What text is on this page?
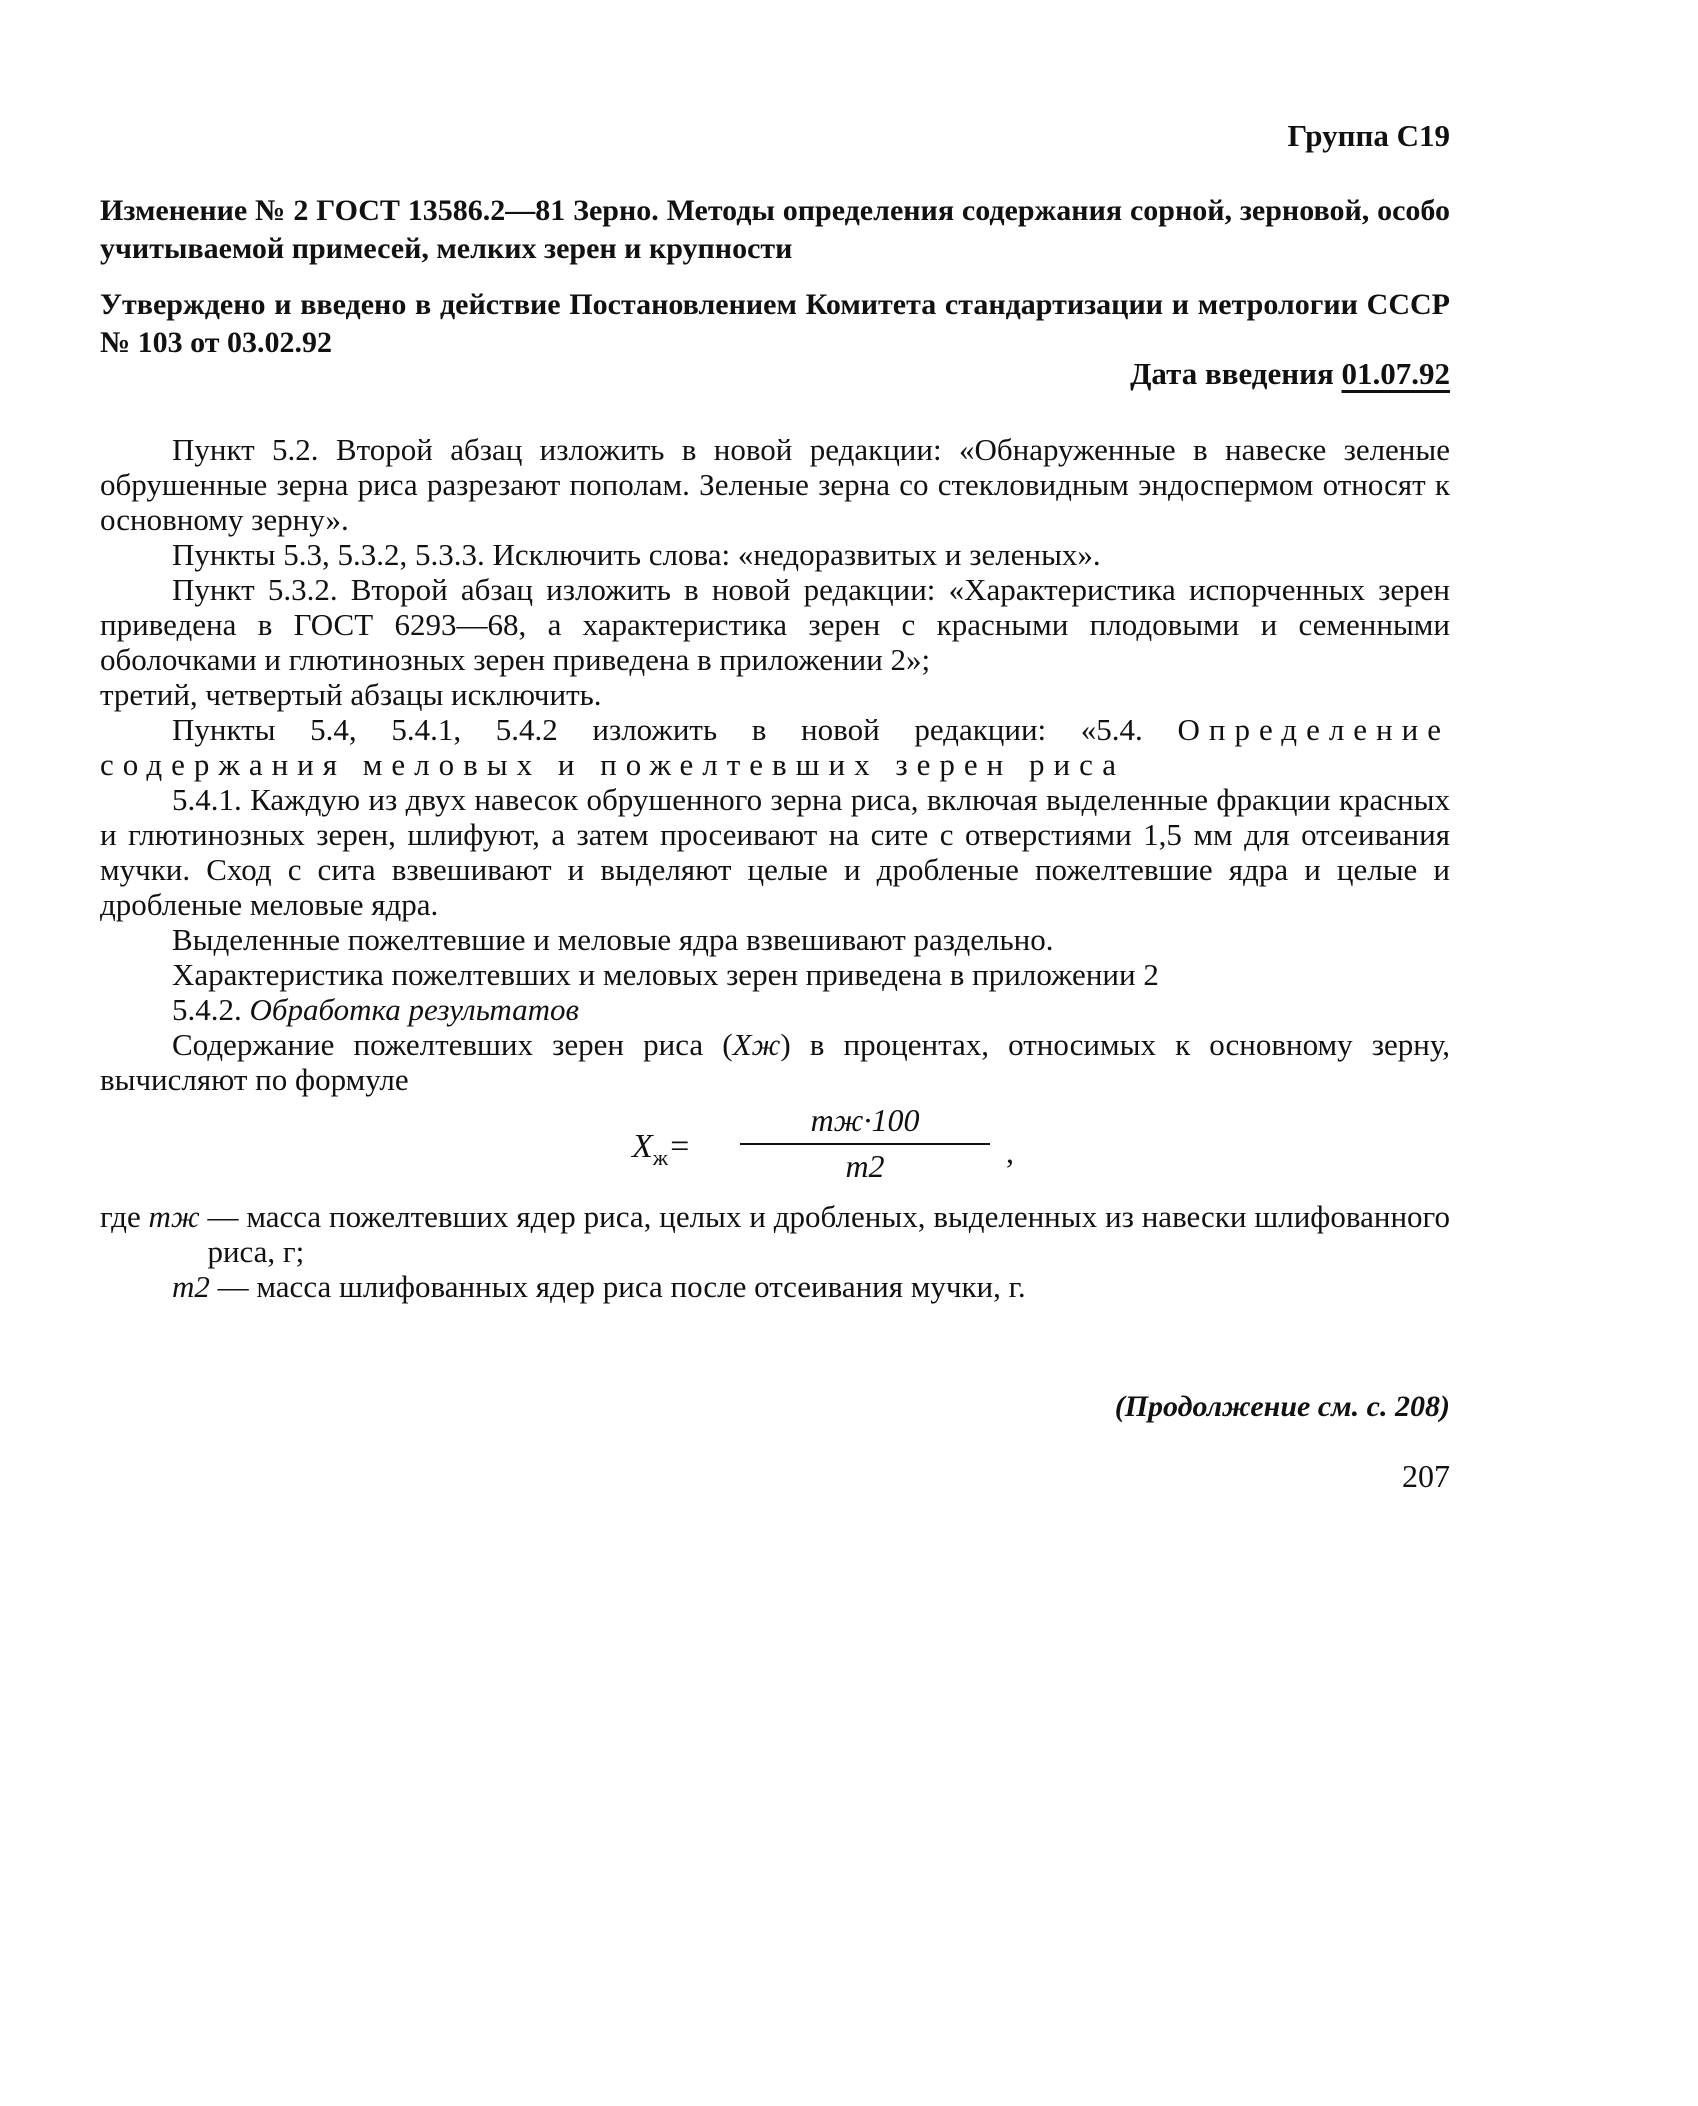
Группа С19
Изменение № 2 ГОСТ 13586.2—81 Зерно. Методы определения содержания сорной, зерновой, особо учитываемой примесей, мелких зерен и крупности
Утверждено и введено в действие Постановлением Комитета стандартизации и метрологии СССР № 103 от 03.02.92
Дата введения 01.07.92

Пункт 5.2. Второй абзац изложить в новой редакции: «Обнаруженные в навеске зеленые обрушенные зерна риса разрезают пополам. Зеленые зерна со стекловидным эндоспермом относят к основному зерну».

Пункты 5.3, 5.3.2, 5.3.3. Исключить слова: «недоразвитых и зеленых».

Пункт 5.3.2. Второй абзац изложить в новой редакции: «Характеристика испорченных зерен приведена в ГОСТ 6293—68, а характеристика зерен с красными плодовыми и семенными оболочками и глютинозных зерен приведена в приложении 2»;

третий, четвертый абзацы исключить.

Пункты 5.4, 5.4.1, 5.4.2 изложить в новой редакции: «5.4. Определение содержания меловых и пожелтевших зерен риса

5.4.1. Каждую из двух навесок обрушенного зерна риса, включая выделенные фракции красных и глютинозных зерен, шлифуют, а затем просеивают на сите с отверстиями 1,5 мм для отсеивания мучки. Сход с сита взвешивают и выделяют целые и дробленые пожелтевшие ядра и целые и дробленые меловые ядра.

Выделенные пожелтевшие и меловые ядра взвешивают раздельно.

Характеристика пожелтевших и меловых зерен приведена в приложении 2

5.4.2. Обработка результатов

Содержание пожелтевших зерен риса (Xж) в процентах, относимых к основному зерну, вычисляют по формуле

$X_ж=$
mж·100
m2	,
где mж — масса пожелтевших ядер риса, целых и дробленых, выделенных из навески шлифованного риса, г;
m2 — масса шлифованных ядер риса после отсеивания мучки, г.
(Продолжение см. с. 208)
207
